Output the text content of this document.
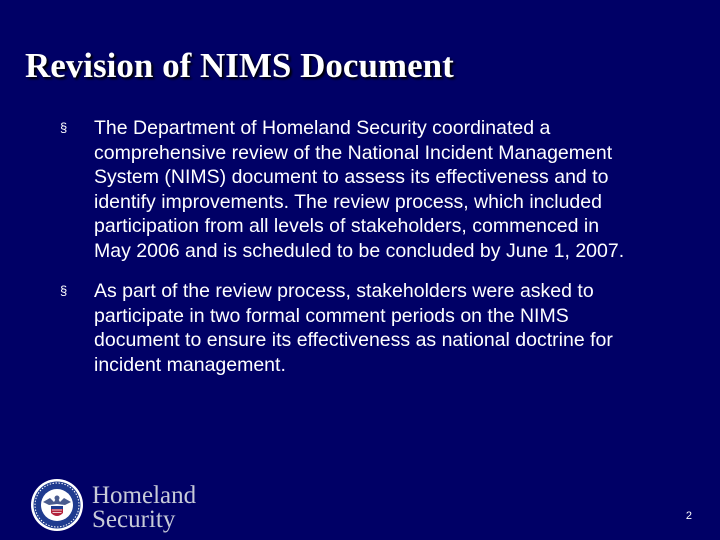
Revision of NIMS Document
§ The Department of Homeland Security coordinated a comprehensive review of the National Incident Management System (NIMS) document to assess its effectiveness and to identify improvements. The review process, which included participation from all levels of stakeholders, commenced in May 2006 and is scheduled to be concluded by June 1, 2007.
§ As part of the review process, stakeholders were asked to participate in two formal comment periods on the NIMS document to ensure its effectiveness as national doctrine for incident management.
Homeland
Security	2
